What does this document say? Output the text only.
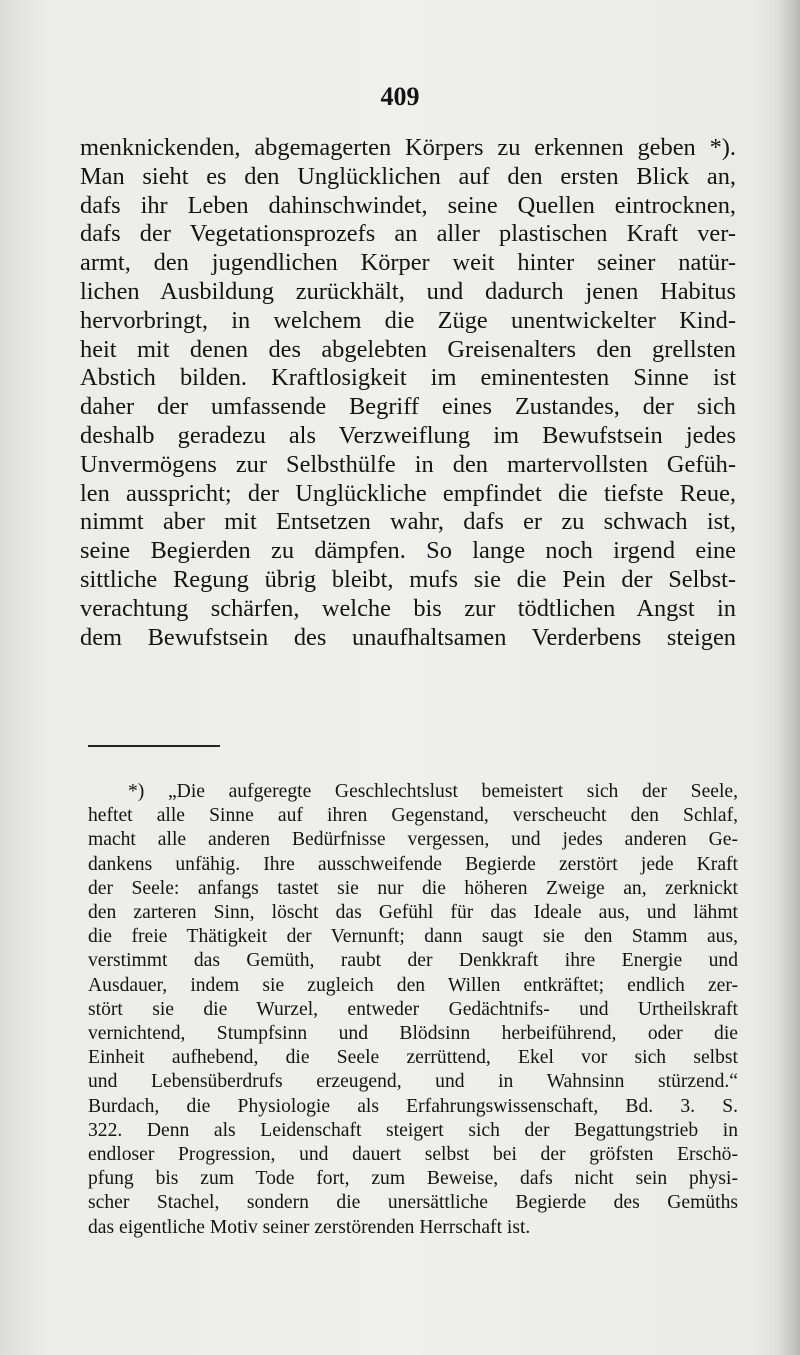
409
menknickenden, abgemagerten Körpers zu erkennen geben *).
Man sieht es den Unglücklichen auf den ersten Blick an,
dafs ihr Leben dahinschwindet, seine Quellen eintrocknen,
dafs der Vegetationsprozefs an aller plastischen Kraft ver-
armt, den jugendlichen Körper weit hinter seiner natür-
lichen Ausbildung zurückhält, und dadurch jenen Habitus
hervorbringt, in welchem die Züge unentwickelter Kind-
heit mit denen des abgelebten Greisenalters den grellsten
Abstich bilden. Kraftlosigkeit im eminentesten Sinne ist
daher der umfassende Begriff eines Zustandes, der sich
deshalb geradezu als Verzweiflung im Bewufstsein jedes
Unvermögens zur Selbsthülfe in den martervollsten Gefüh-
len ausspricht; der Unglückliche empfindet die tiefste Reue,
nimmt aber mit Entsetzen wahr, dafs er zu schwach ist,
seine Begierden zu dämpfen. So lange noch irgend eine
sittliche Regung übrig bleibt, mufs sie die Pein der Selbst-
verachtung schärfen, welche bis zur tödtlichen Angst in
dem Bewufstsein des unaufhaltsamen Verderbens steigen
*) „Die aufgeregte Geschlechtslust bemeistert sich der Seele,
heftet alle Sinne auf ihren Gegenstand, verscheucht den Schlaf,
macht alle anderen Bedürfnisse vergessen, und jedes anderen Ge-
dankens unfähig. Ihre ausschweifende Begierde zerstört jede Kraft
der Seele: anfangs tastet sie nur die höheren Zweige an, zerknickt
den zarteren Sinn, löscht das Gefühl für das Ideale aus, und lähmt
die freie Thätigkeit der Vernunft; dann saugt sie den Stamm aus,
verstimmt das Gemüth, raubt der Denkkraft ihre Energie und
Ausdauer, indem sie zugleich den Willen entkräftet; endlich zer-
stört sie die Wurzel, entweder Gedächtnifs- und Urtheilskraft
vernichtend, Stumpfsinn und Blödsinn herbeiführend, oder die
Einheit aufhebend, die Seele zerrüttend, Ekel vor sich selbst
und Lebensüberdrufs erzeugend, und in Wahnsinn stürzend.“
Burdach, die Physiologie als Erfahrungswissenschaft, Bd. 3. S.
322. Denn als Leidenschaft steigert sich der Begattungstrieb in
endloser Progression, und dauert selbst bei der gröfsten Erschö-
pfung bis zum Tode fort, zum Beweise, dafs nicht sein physi-
scher Stachel, sondern die unersättliche Begierde des Gemüths
das eigentliche Motiv seiner zerstörenden Herrschaft ist.
